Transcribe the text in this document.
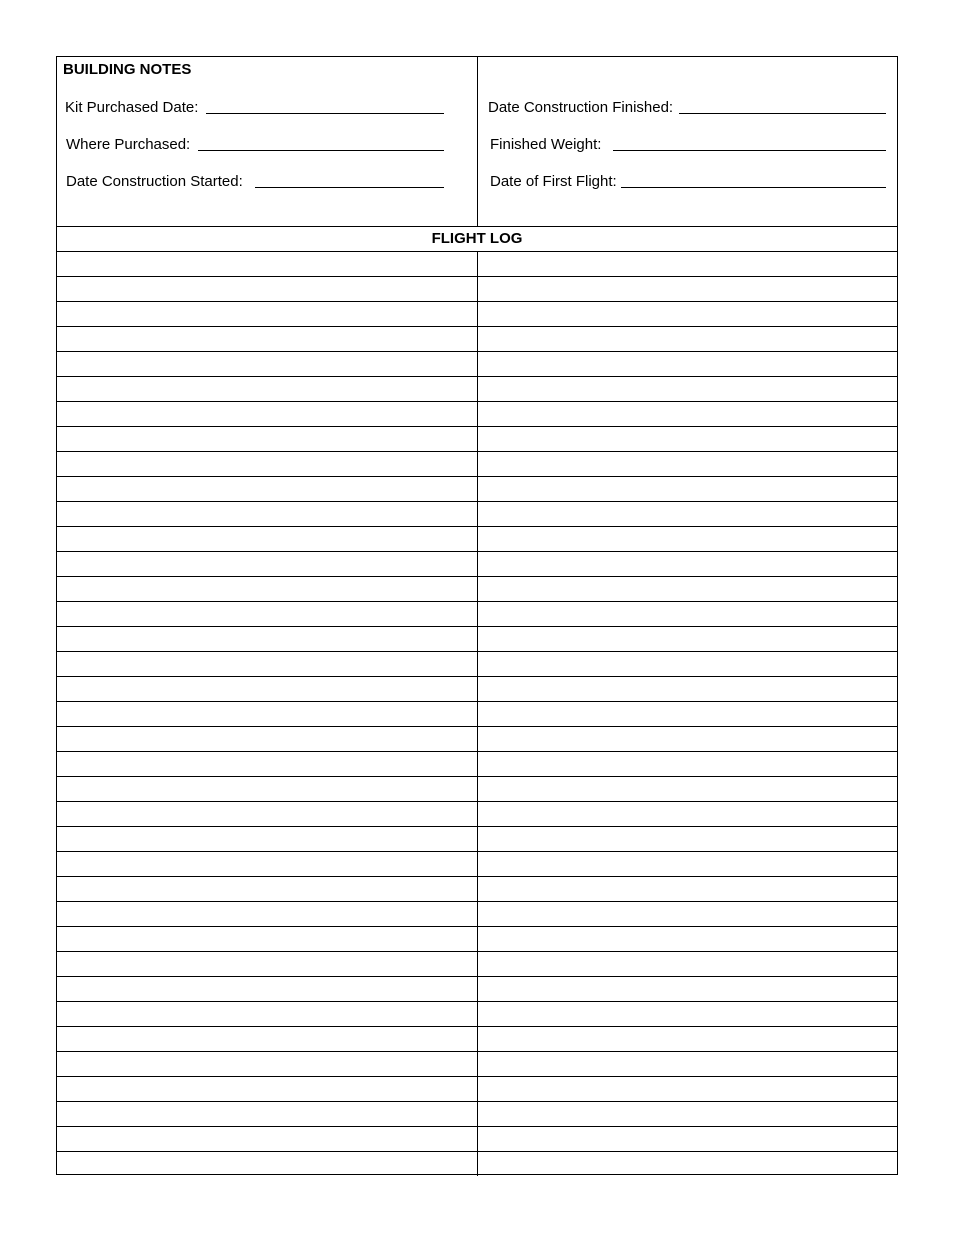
BUILDING NOTES
Kit Purchased Date:
Where Purchased:
Date Construction Started:
Date Construction Finished:
Finished Weight:
Date of First Flight:
FLIGHT LOG
